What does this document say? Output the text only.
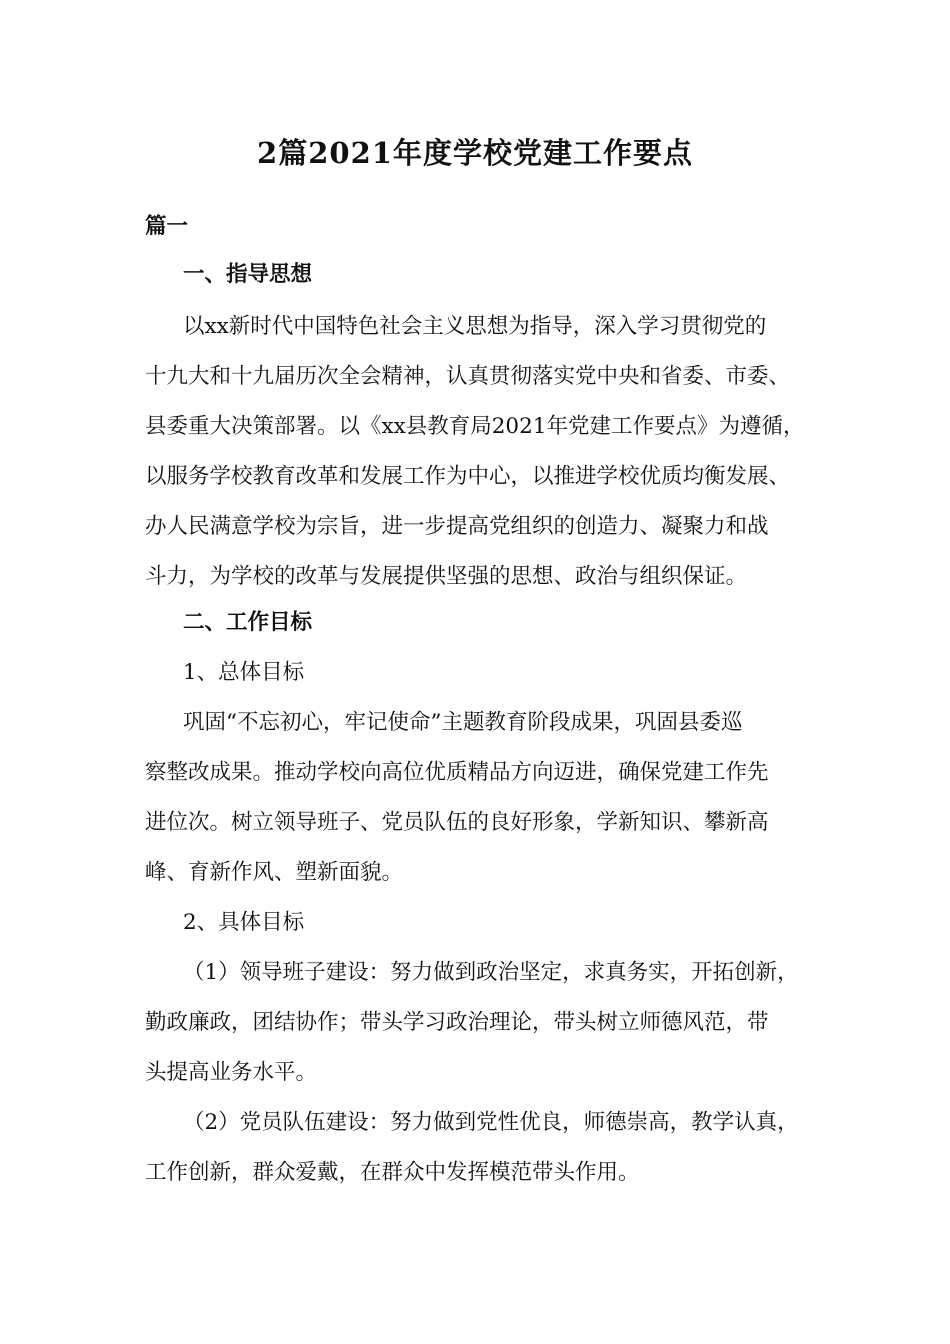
2篇2021年度学校党建工作要点
篇一
一、指导思想
以xx新时代中国特色社会主义思想为指导，深入学习贯彻党的
十九大和十九届历次全会精神，认真贯彻落实党中央和省委、市委、
县委重大决策部署。以《xx县教育局2021年党建工作要点》为遵循，
以服务学校教育改革和发展工作为中心，以推进学校优质均衡发展、
办人民满意学校为宗旨，进一步提高党组织的创造力、凝聚力和战
斗力，为学校的改革与发展提供坚强的思想、政治与组织保证。
二、工作目标
1、总体目标
巩固“不忘初心，牢记使命”主题教育阶段成果，巩固县委巡
察整改成果。推动学校向高位优质精品方向迈进，确保党建工作先
进位次。树立领导班子、党员队伍的良好形象，学新知识、攀新高
峰、育新作风、塑新面貌。
2、具体目标
（1）领导班子建设：努力做到政治坚定，求真务实，开拓创新，
勤政廉政，团结协作；带头学习政治理论，带头树立师德风范，带
头提高业务水平。
（2）党员队伍建设：努力做到党性优良，师德崇高，教学认真，
工作创新，群众爱戴，在群众中发挥模范带头作用。
